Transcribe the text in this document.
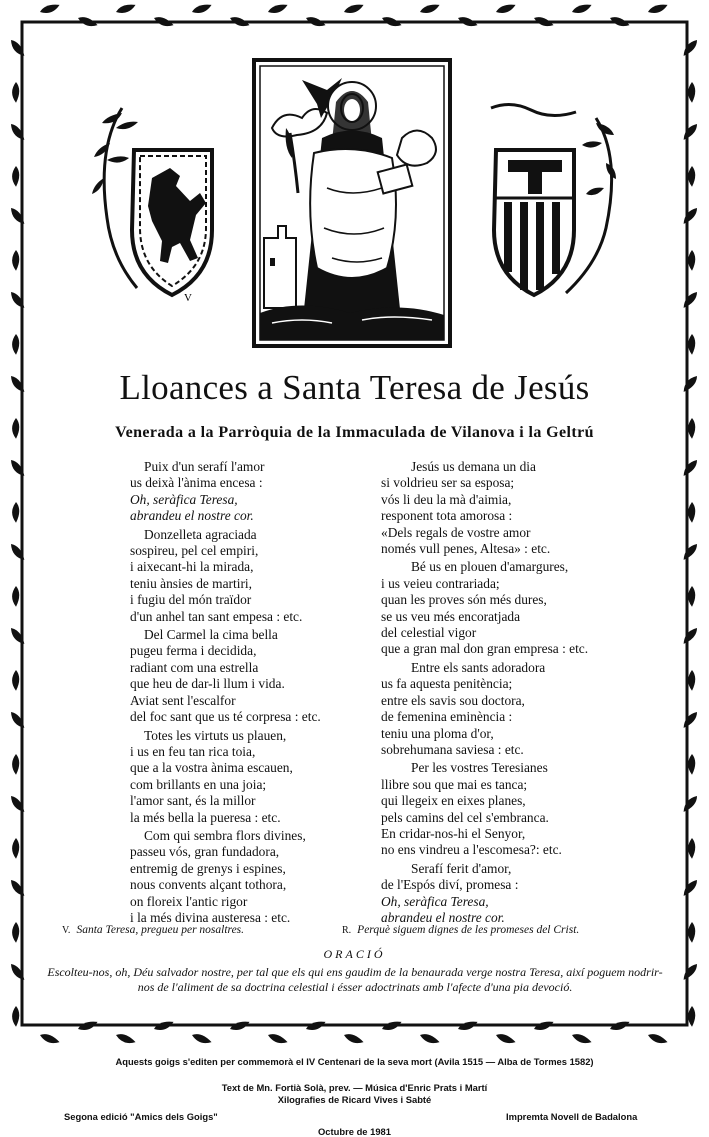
V
Lloances a Santa Teresa de Jesús
Venerada a la Parròquia de la Immaculada de Vilanova i la Geltrú
Puix d'un serafí l'amor
us deixà l'ànima encesa :
Oh, seràfica Teresa,
abrandeu el nostre cor.
Donzelleta agraciada
sospireu, pel cel empiri,
i aixecant-hi la mirada,
teniu ànsies de martiri,
i fugiu del món traïdor
d'un anhel tan sant empesa : etc.
Del Carmel la cima bella
pugeu ferma i decidida,
radiant com una estrella
que heu de dar-li llum i vida.
Aviat sent l'escalfor
del foc sant que us té corpresa : etc.
Totes les virtuts us plauen,
i us en feu tan rica toia,
que a la vostra ànima escauen,
com brillants en una joia;
l'amor sant, és la millor
la més bella la pueresa : etc.
Com qui sembra flors divines,
passeu vós, gran fundadora,
entremig de grenys i espines,
nous convents alçant tothora,
on floreix l'antic rigor
i la més divina austeresa : etc.
Jesús us demana un dia
si voldrieu ser sa esposa;
vós li deu la mà d'aimia,
responent tota amorosa :
«Dels regals de vostre amor
només vull penes, Altesa» : etc.
Bé us en plouen d'amargures,
i us veieu contrariada;
quan les proves són més dures,
se us veu més encoratjada
del celestial vigor
que a gran mal don gran empresa : etc.
Entre els sants adoradora
us fa aquesta penitència;
entre els savis sou doctora,
de femenina eminència :
teniu una ploma d'or,
sobrehumana saviesa : etc.
Per les vostres Teresianes
llibre sou que mai es tanca;
qui llegeix en eixes planes,
pels camins del cel s'embranca.
En cridar-nos-hi el Senyor,
no ens vindreu a l'escomesa?: etc.
Serafí ferit d'amor,
de l'Espós diví, promesa :
Oh, seràfica Teresa,
abrandeu el nostre cor.
V. Santa Teresa, pregueu per nosaltres.	R. Perquè siguem dignes de les promeses del Crist.
ORACIÓ
Escolteu-nos, oh, Déu salvador nostre, per tal que els qui ens gaudim de la benaurada verge nostra Teresa, així poguem nodrir-nos de l'aliment de sa doctrina celestial i ésser adoctrinats amb l'afecte d'una pia devoció.
Aquests goigs s'editen per commemorà el IV Centenari de la seva mort (Avila 1515 — Alba de Tormes 1582)
Text de Mn. Fortià Solà, prev. — Música d'Enric Prats i Martí
Xilografies de Ricard Vives i Sabté
Segona edició "Amics dels Goigs"	Impremta Novell de Badalona
Octubre de 1981
